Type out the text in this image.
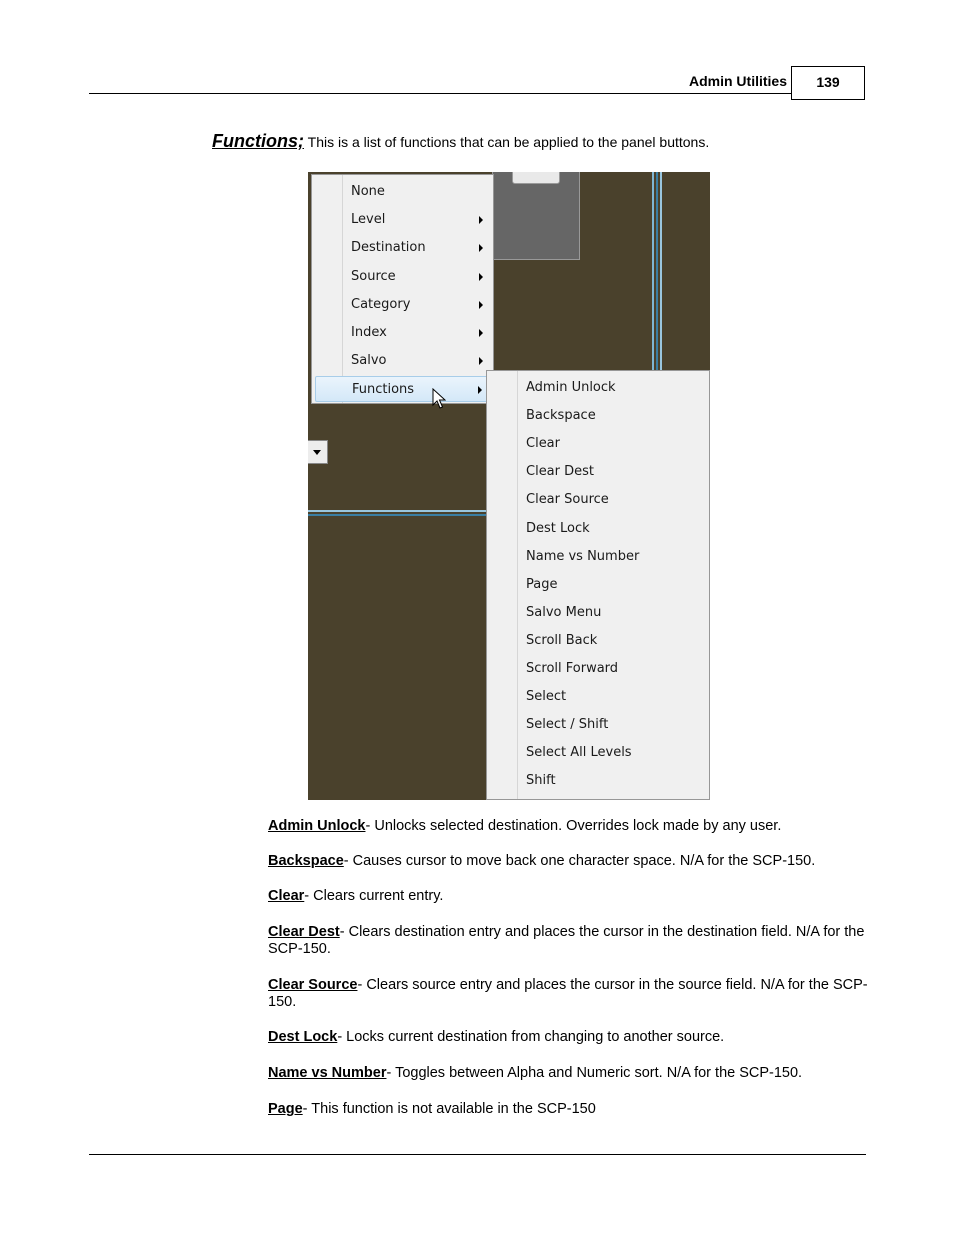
Admin Utilities	139
Functions; This is a list of functions that can be applied to the panel buttons.
None
Level
Destination
Source
Category
Index
Salvo
Functions	Admin Unlock
Backspace
Clear
Clear Dest
Clear Source
Dest Lock
Name vs Number
Page
Salvo Menu
Scroll Back
Scroll Forward
Select
Select / Shift
Select All Levels
Shift
Admin Unlock- Unlocks selected destination. Overrides lock made by any user.
Backspace- Causes cursor to move back one character space. N/A for the SCP-150.
Clear- Clears current entry.
Clear Dest- Clears destination entry and places the cursor in the destination field. N/A for the SCP-150.
Clear Source- Clears source entry and places the cursor in the source field. N/A for the SCP-150.
Dest Lock- Locks current destination from changing to another source.
Name vs Number- Toggles between Alpha and Numeric sort. N/A for the SCP-150.
Page- This function is not available in the SCP-150
